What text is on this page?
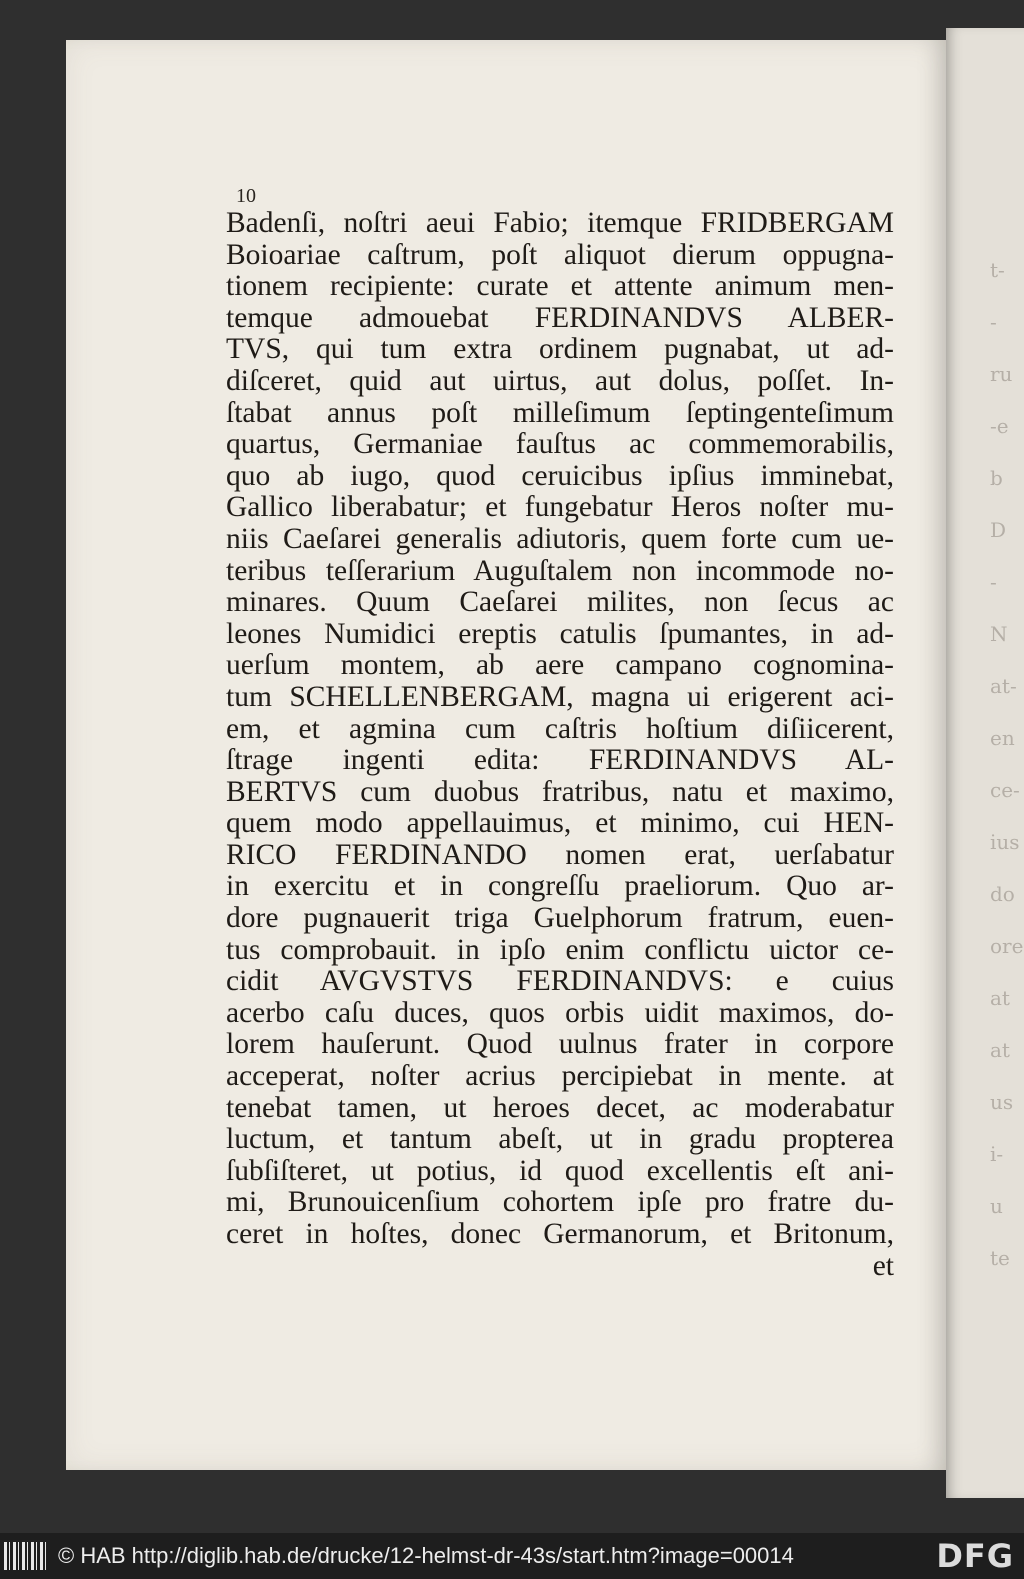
t-
-
ru
-e
b
D
-
N
at-
en
ce-
ius
do
ore
at
at
us
i-
u
te
10
Badenſi, noſtri aeui Fabio; itemque FRIDBERGAM
Boioariae caſtrum, poſt aliquot dierum oppugna-
tionem recipiente: curate et attente animum men-
temque admouebat FERDINANDVS ALBER-
TVS, qui tum extra ordinem pugnabat, ut ad-
diſceret, quid aut uirtus, aut dolus, poſſet. In-
ſtabat annus poſt milleſimum ſeptingenteſimum
quartus, Germaniae fauſtus ac commemorabilis,
quo ab iugo, quod ceruicibus ipſius imminebat,
Gallico liberabatur; et fungebatur Heros noſter mu-
niis Caeſarei generalis adiutoris, quem forte cum ue-
teribus teſſerarium Auguſtalem non incommode no-
minares. Quum Caeſarei milites, non ſecus ac
leones Numidici ereptis catulis ſpumantes, in ad-
uerſum montem, ab aere campano cognomina-
tum SCHELLENBERGAM, magna ui erigerent aci-
em, et agmina cum caſtris hoſtium diſiicerent,
ſtrage ingenti edita: FERDINANDVS AL-
BERTVS cum duobus fratribus, natu et maximo,
quem modo appellauimus, et minimo, cui HEN-
RICO FERDINANDO nomen erat, uerſabatur
in exercitu et in congreſſu praeliorum. Quo ar-
dore pugnauerit triga Guelphorum fratrum, euen-
tus comprobauit. in ipſo enim conflictu uictor ce-
cidit AVGVSTVS FERDINANDVS: e cuius
acerbo caſu duces, quos orbis uidit maximos, do-
lorem hauſerunt. Quod uulnus frater in corpore
acceperat, noſter acrius percipiebat in mente. at
tenebat tamen, ut heroes decet, ac moderabatur
luctum, et tantum abeſt, ut in gradu propterea
ſubſiſteret, ut potius, id quod excellentis eſt ani-
mi, Brunouicenſium cohortem ipſe pro fratre du-
ceret in hoſtes, donec Germanorum, et Britonum,
et
© HAB http://diglib.hab.de/drucke/12-helmst-dr-43s/start.htm?image=00014	DFG
